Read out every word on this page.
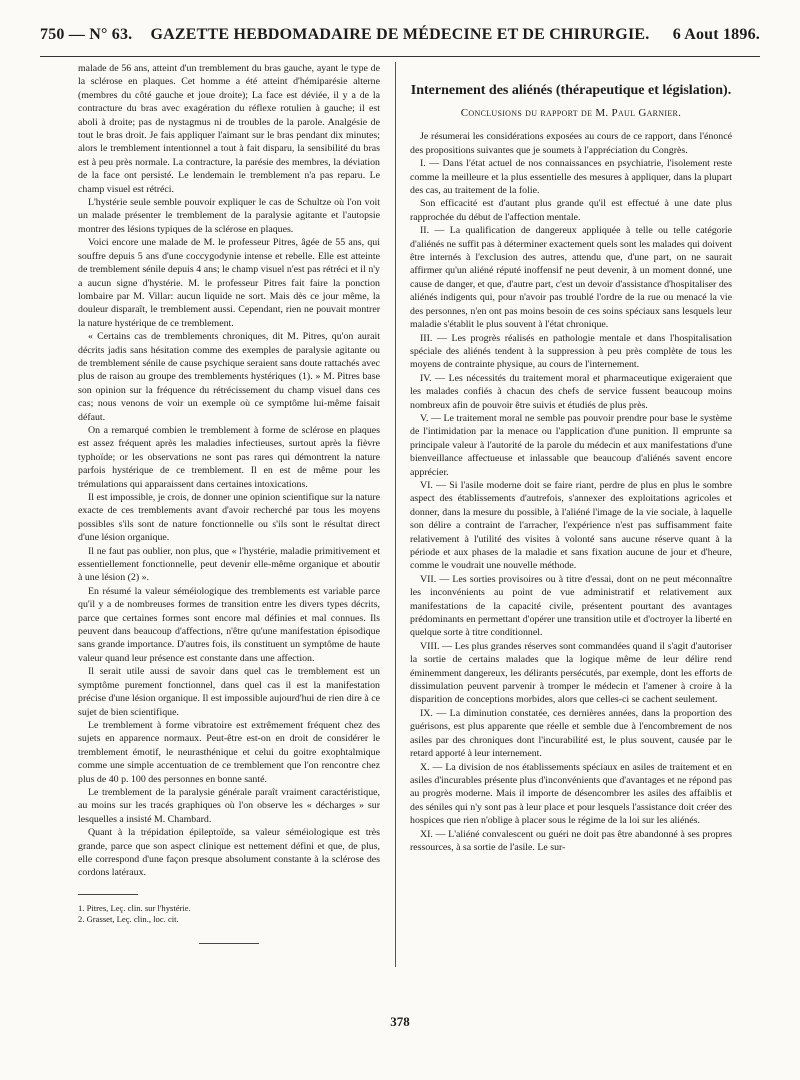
750 — N° 63.	GAZETTE HEBDOMADAIRE DE MÉDECINE ET DE CHIRURGIE.	6 Aout 1896.

malade de 56 ans, atteint d'un tremblement du bras gauche, ayant le type de la sclérose en plaques. Cet homme a été atteint d'hémiparésie alterne (membres du côté gauche et joue droite); La face est déviée, il y a de la contracture du bras avec exagération du réflexe rotulien à gauche; il est aboli à droite; pas de nystagmus ni de troubles de la parole. Analgésie de tout le bras droit. Je fais appliquer l'aimant sur le bras pendant dix minutes; alors le tremblement intentionnel a tout à fait disparu, la sensibilité du bras est à peu près normale. La contracture, la parésie des membres, la déviation de la face ont persisté. Le lendemain le tremblement n'a pas reparu. Le champ visuel est rétréci.

L'hystérie seule semble pouvoir expliquer le cas de Schultze où l'on voit un malade présenter le tremblement de la paralysie agitante et l'autopsie montrer des lésions typiques de la sclérose en plaques.

Voici encore une malade de M. le professeur Pitres, âgée de 55 ans, qui souffre depuis 5 ans d'une coccygodynie intense et rebelle. Elle est atteinte de tremblement sénile depuis 4 ans; le champ visuel n'est pas rétréci et il n'y a aucun signe d'hystérie. M. le professeur Pitres fait faire la ponction lombaire par M. Villar: aucun liquide ne sort. Mais dès ce jour même, la douleur disparaît, le tremblement aussi. Cependant, rien ne pouvait montrer la nature hystérique de ce tremblement.

« Certains cas de tremblements chroniques, dit M. Pitres, qu'on aurait décrits jadis sans hésitation comme des exemples de paralysie agitante ou de tremblement sénile de cause psychique seraient sans doute rattachés avec plus de raison au groupe des tremblements hystériques (1). » M. Pitres base son opinion sur la fréquence du rétrécissement du champ visuel dans ces cas; nous venons de voir un exemple où ce symptôme lui-même faisait défaut.

On a remarqué combien le tremblement à forme de sclérose en plaques est assez fréquent après les maladies infectieuses, surtout après la fièvre typhoïde; or les observations ne sont pas rares qui démontrent la nature parfois hystérique de ce tremblement. Il en est de même pour les trémulations qui apparaissent dans certaines intoxications.

Il est impossible, je crois, de donner une opinion scientifique sur la nature exacte de ces tremblements avant d'avoir recherché par tous les moyens possibles s'ils sont de nature fonctionnelle ou s'ils sont le résultat direct d'une lésion organique.

Il ne faut pas oublier, non plus, que « l'hystérie, maladie primitivement et essentiellement fonctionnelle, peut devenir elle-même organique et aboutir à une lésion (2) ».

En résumé la valeur séméiologique des tremblements est variable parce qu'il y a de nombreuses formes de transition entre les divers types décrits, parce que certaines formes sont encore mal définies et mal connues. Ils peuvent dans beaucoup d'affections, n'être qu'une manifestation épisodique sans grande importance. D'autres fois, ils constituent un symptôme de haute valeur quand leur présence est constante dans une affection.

Il serait utile aussi de savoir dans quel cas le tremblement est un symptôme purement fonctionnel, dans quel cas il est la manifestation précise d'une lésion organique. Il est impossible aujourd'hui de rien dire à ce sujet de bien scientifique.

Le tremblement à forme vibratoire est extrêmement fréquent chez des sujets en apparence normaux. Peut-être est-on en droit de considérer le tremblement émotif, le neurasthénique et celui du goitre exophtalmique comme une simple accentuation de ce tremblement que l'on rencontre chez plus de 40 p. 100 des personnes en bonne santé.

Le tremblement de la paralysie générale paraît vraiment caractéristique, au moins sur les tracés graphiques où l'on observe les « décharges » sur lesquelles a insisté M. Chambard.

Quant à la trépidation épileptoïde, sa valeur séméiologique est très grande, parce que son aspect clinique est nettement défini et que, de plus, elle correspond d'une façon presque absolument constante à la sclérose des cordons latéraux.

1. Pitres, Leç. clin. sur l'hystérie.
2. Grasset, Leç. clin., loc. cit.
Internement des aliénés (thérapeutique et législation).
Conclusions du rapport de M. Paul Garnier.

Je résumerai les considérations exposées au cours de ce rapport, dans l'énoncé des propositions suivantes que je soumets à l'appréciation du Congrès.

I. — Dans l'état actuel de nos connaissances en psychiatrie, l'isolement reste comme la meilleure et la plus essentielle des mesures à appliquer, dans la plupart des cas, au traitement de la folie.

Son efficacité est d'autant plus grande qu'il est effectué à une date plus rapprochée du début de l'affection mentale.

II. — La qualification de dangereux appliquée à telle ou telle catégorie d'aliénés ne suffit pas à déterminer exactement quels sont les malades qui doivent être internés à l'exclusion des autres, attendu que, d'une part, on ne saurait affirmer qu'un aliéné réputé inoffensif ne peut devenir, à un moment donné, une cause de danger, et que, d'autre part, c'est un devoir d'assistance d'hospitaliser des aliénés indigents qui, pour n'avoir pas troublé l'ordre de la rue ou menacé la vie des personnes, n'en ont pas moins besoin de ces soins spéciaux sans lesquels leur maladie s'établit le plus souvent à l'état chronique.

III. — Les progrès réalisés en pathologie mentale et dans l'hospitalisation spéciale des aliénés tendent à la suppression à peu près complète de tous les moyens de contrainte physique, au cours de l'internement.

IV. — Les nécessités du traitement moral et pharmaceutique exigeraient que les malades confiés à chacun des chefs de service fussent beaucoup moins nombreux afin de pouvoir être suivis et étudiés de plus près.

V. — Le traitement moral ne semble pas pouvoir prendre pour base le système de l'intimidation par la menace ou l'application d'une punition. Il emprunte sa principale valeur à l'autorité de la parole du médecin et aux manifestations d'une bienveillance affectueuse et inlassable que beaucoup d'aliénés savent encore apprécier.

VI. — Si l'asile moderne doit se faire riant, perdre de plus en plus le sombre aspect des établissements d'autrefois, s'annexer des exploitations agricoles et donner, dans la mesure du possible, à l'aliéné l'image de la vie sociale, à laquelle son délire a contraint de l'arracher, l'expérience n'est pas suffisamment faite relativement à l'utilité des visites à volonté sans aucune réserve quant à la période et aux phases de la maladie et sans fixation aucune de jour et d'heure, comme le voudrait une nouvelle méthode.

VII. — Les sorties provisoires ou à titre d'essai, dont on ne peut méconnaître les inconvénients au point de vue administratif et relativement aux manifestations de la capacité civile, présentent pourtant des avantages prédominants en permettant d'opérer une transition utile et d'octroyer la liberté en quelque sorte à titre conditionnel.

VIII. — Les plus grandes réserves sont commandées quand il s'agit d'autoriser la sortie de certains malades que la logique même de leur délire rend éminemment dangereux, les délirants persécutés, par exemple, dont les efforts de dissimulation peuvent parvenir à tromper le médecin et l'amener à croire à la disparition de conceptions morbides, alors que celles-ci se cachent seulement.

IX. — La diminution constatée, ces dernières années, dans la proportion des guérisons, est plus apparente que réelle et semble due à l'encombrement de nos asiles par des chroniques dont l'incurabilité est, le plus souvent, causée par le retard apporté à leur internement.

X. — La division de nos établissements spéciaux en asiles de traitement et en asiles d'incurables présente plus d'inconvénients que d'avantages et ne répond pas au progrès moderne. Mais il importe de désencombrer les asiles des affaiblis et des séniles qui n'y sont pas à leur place et pour lesquels l'assistance doit créer des hospices que rien n'oblige à placer sous le régime de la loi sur les aliénés.

XI. — L'aliéné convalescent ou guéri ne doit pas être abandonné à ses propres ressources, à sa sortie de l'asile. Le sur-

378
